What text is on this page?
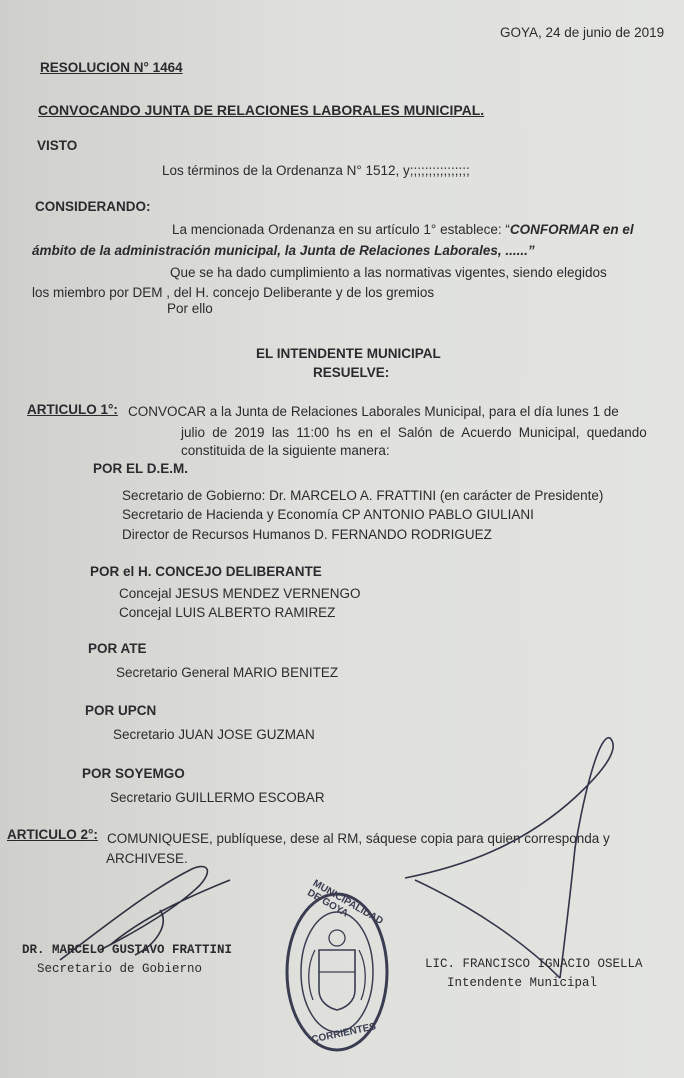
GOYA, 24 de junio de 2019
RESOLUCION N° 1464
CONVOCANDO JUNTA DE RELACIONES LABORALES MUNICIPAL.
VISTO
Los términos de la Ordenanza N° 1512, y;;;;;;;;;;;;;;;;
CONSIDERANDO:
La mencionada Ordenanza en su artículo 1° establece: “CONFORMAR en el
ámbito de la administración municipal, la Junta de Relaciones Laborales, ......”
Que se ha dado cumplimiento a las normativas vigentes, siendo elegidos
los miembro por DEM , del H. concejo Deliberante y de los gremios
Por ello
EL INTENDENTE MUNICIPAL
RESUELVE:
ARTICULO 1°: CONVOCAR a la Junta de Relaciones Laborales Municipal, para el día lunes 1 de
julio de 2019 las 11:00 hs en el Salón de Acuerdo Municipal, quedando
constituida de la siguiente manera:
POR EL D.E.M.
Secretario de Gobierno: Dr. MARCELO A. FRATTINI (en carácter de Presidente)
Secretario de Hacienda y Economía CP ANTONIO PABLO GIULIANI
Director de Recursos Humanos D. FERNANDO RODRIGUEZ
POR el H. CONCEJO DELIBERANTE
Concejal JESUS MENDEZ VERNENGO
Concejal LUIS ALBERTO RAMIREZ
POR ATE
Secretario General MARIO BENITEZ
POR UPCN
Secretario JUAN JOSE GUZMAN
POR SOYEMGO
Secretario GUILLERMO ESCOBAR
ARTICULO 2°: COMUNIQUESE, publíquese, dese al RM, sáquese copia para quien corresponda y
ARCHIVESE.
DR. MARCELO GUSTAVO FRATTINI
Secretario de Gobierno	LIC. FRANCISCO IGNACIO OSELLA
Intendente Municipal
MUNICIPALIDAD DE GOYA
CORRIENTES
